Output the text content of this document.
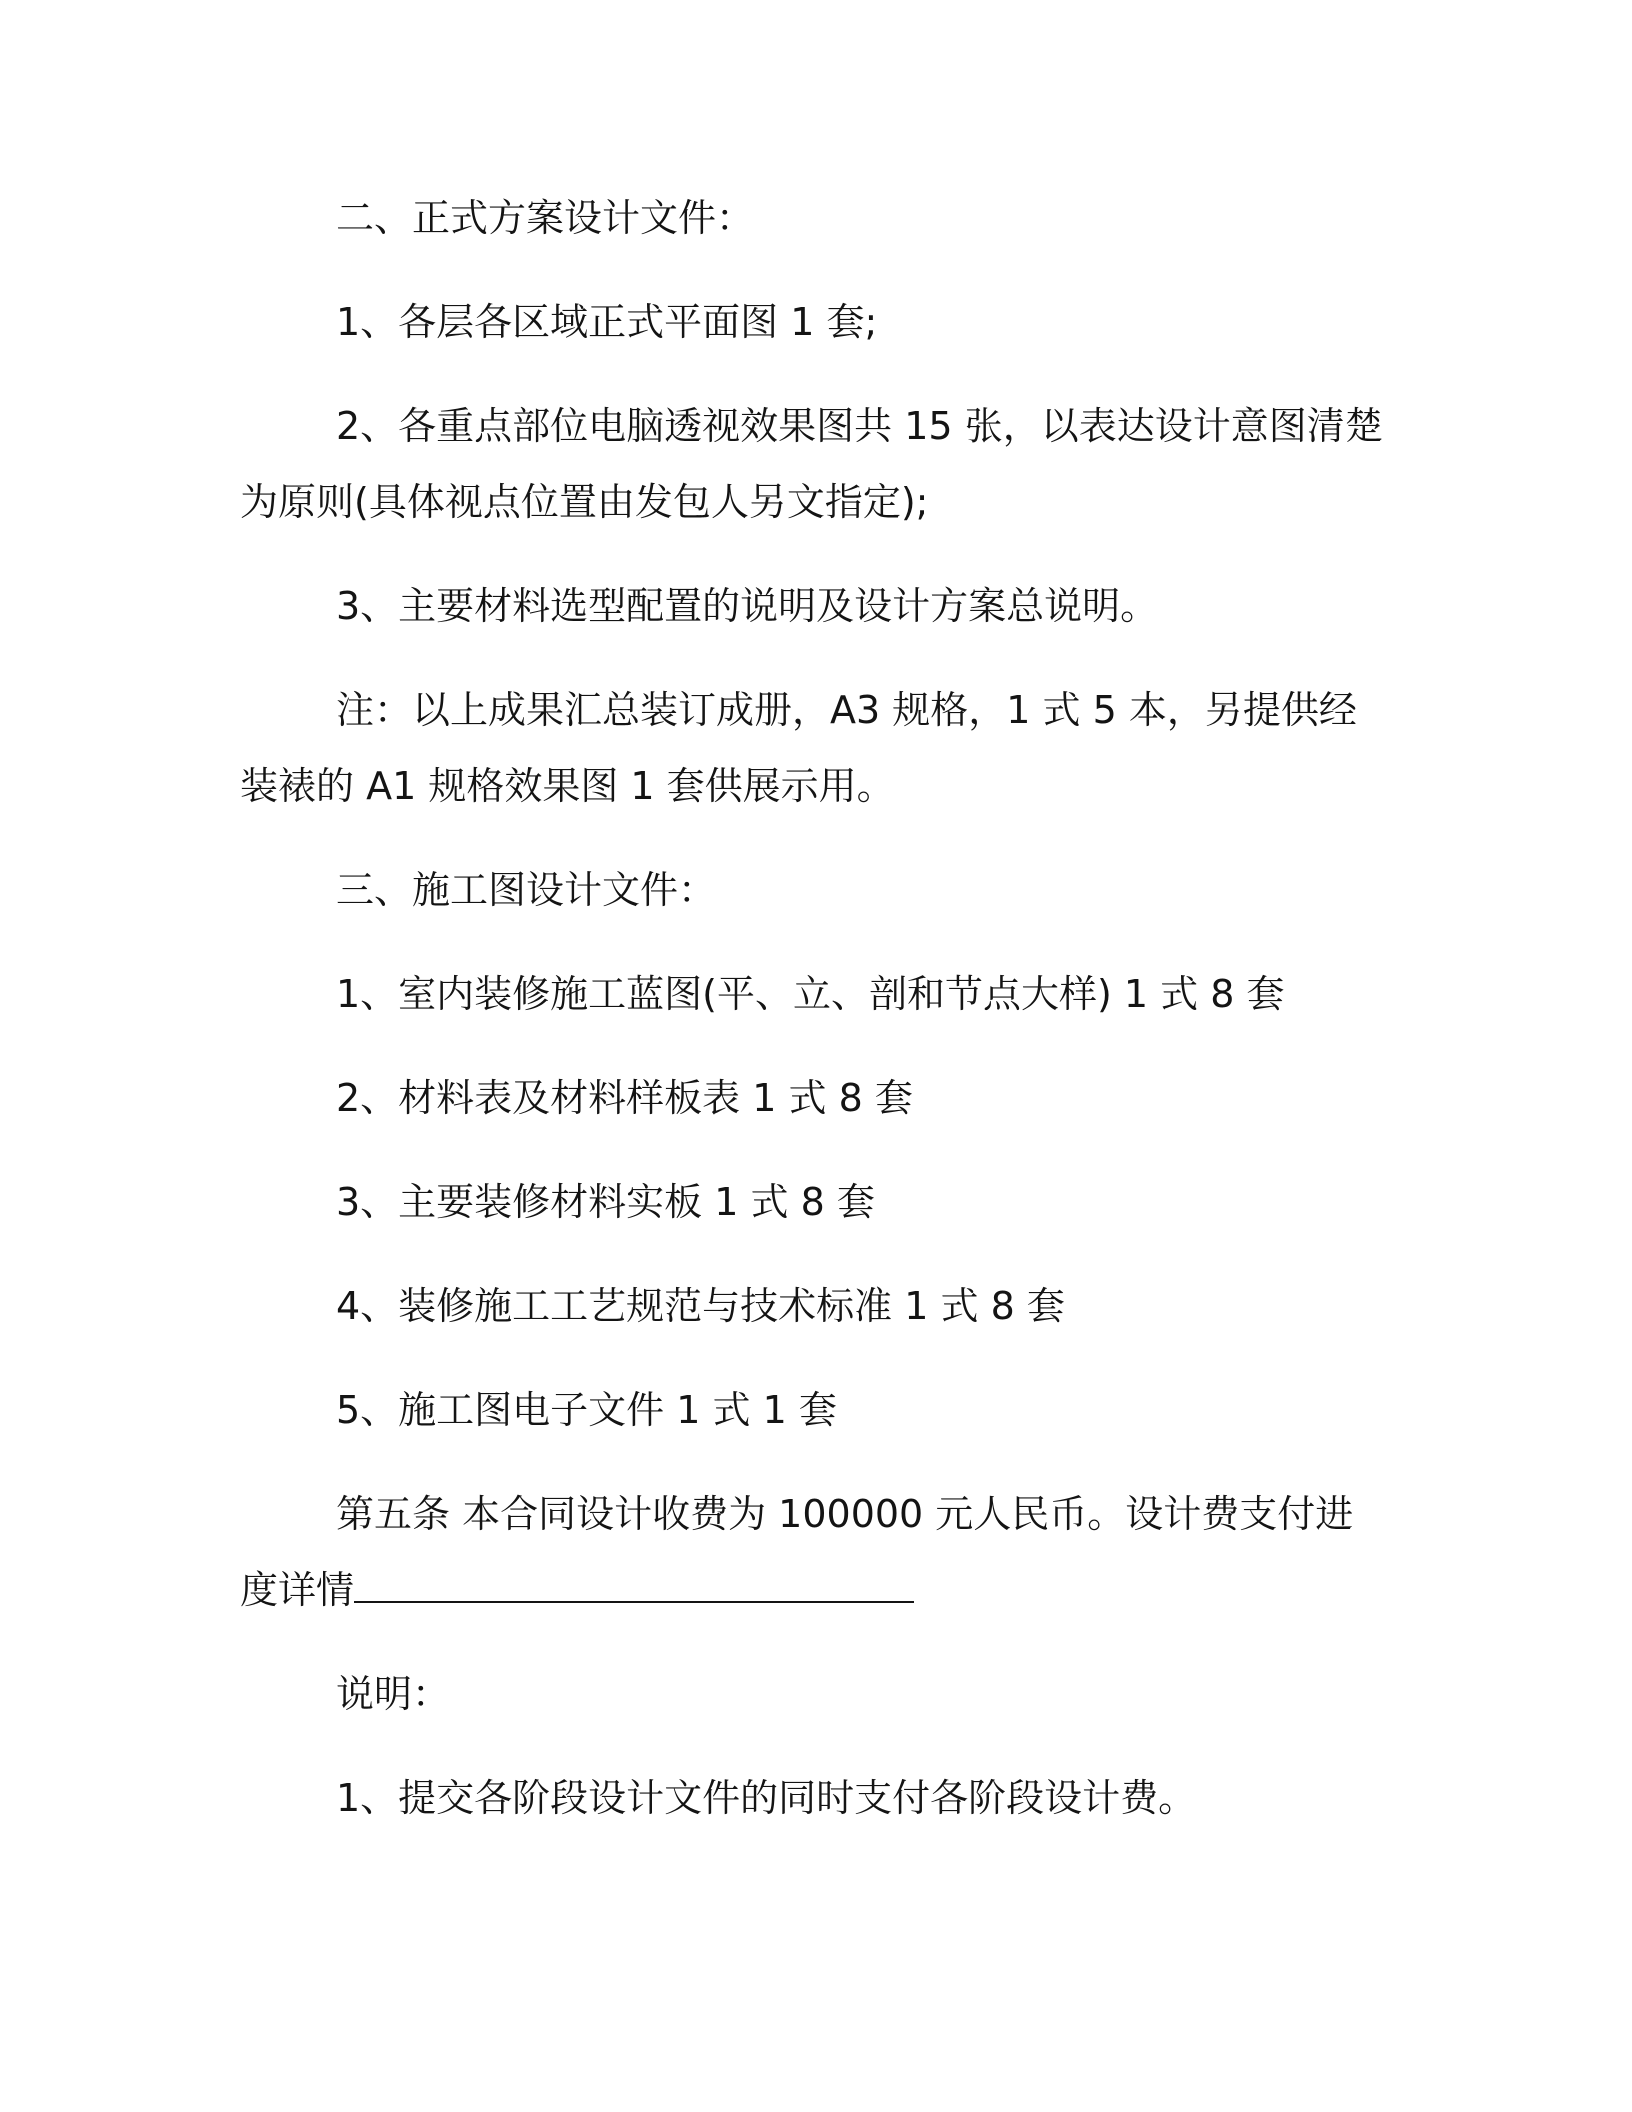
二、正式方案设计文件：

1、各层各区域正式平面图 1 套;

2、各重点部位电脑透视效果图共 15 张，以表达设计意图清楚为原则(具体视点位置由发包人另文指定);

3、主要材料选型配置的说明及设计方案总说明。

注：以上成果汇总装订成册，A3 规格，1 式 5 本，另提供经装裱的 A1 规格效果图 1 套供展示用。

三、施工图设计文件：

1、室内装修施工蓝图(平、立、剖和节点大样) 1 式 8 套

2、材料表及材料样板表 1 式 8 套

3、主要装修材料实板 1 式 8 套

4、装修施工工艺规范与技术标准 1 式 8 套

5、施工图电子文件 1 式 1 套

第五条 本合同设计收费为 100000 元人民币。设计费支付进度详情

说明：

1、提交各阶段设计文件的同时支付各阶段设计费。
